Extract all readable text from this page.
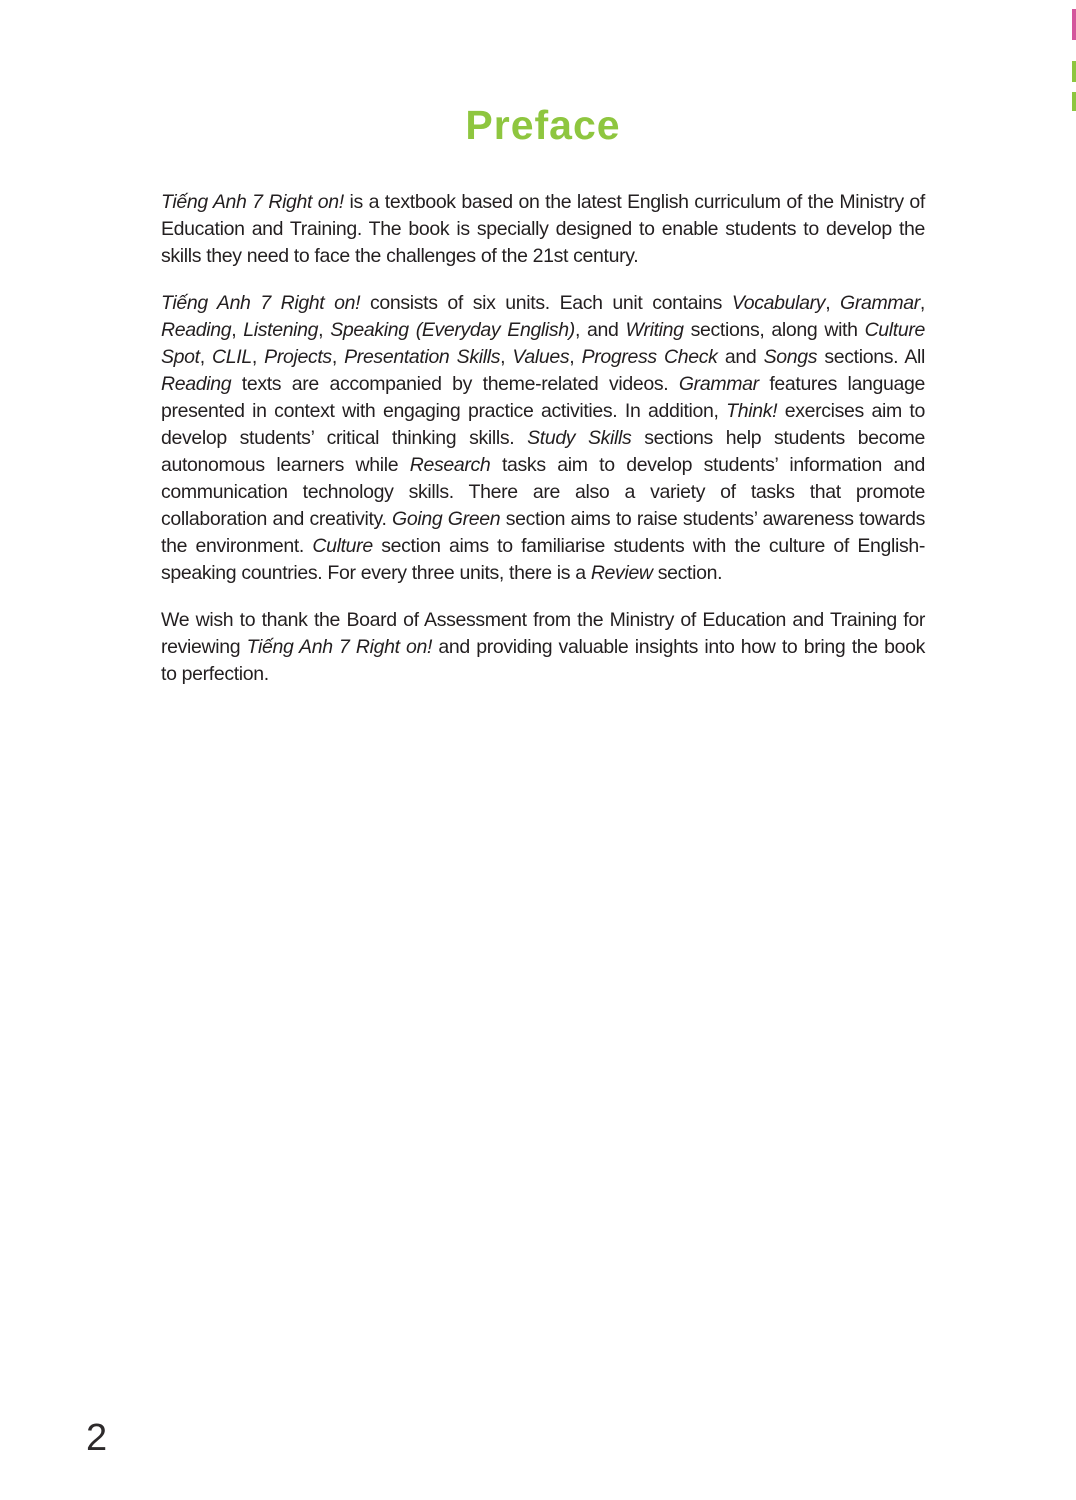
Preface

Tiếng Anh 7 Right on! is a textbook based on the latest English curriculum of the Ministry of Education and Training. The book is specially designed to enable students to develop the skills they need to face the challenges of the 21st century.

Tiếng Anh 7 Right on! consists of six units. Each unit contains Vocabulary, Grammar, Reading, Listening, Speaking (Everyday English), and Writing sections, along with Culture Spot, CLIL, Projects, Presentation Skills, Values, Progress Check and Songs sections. All Reading texts are accompanied by theme-related videos. Grammar features language presented in context with engaging practice activities. In addition, Think! exercises aim to develop students’ critical thinking skills. Study Skills sections help students become autonomous learners while Research tasks aim to develop students’ information and communication technology skills. There are also a variety of tasks that promote collaboration and creativity. Going Green section aims to raise students’ awareness towards the environment. Culture section aims to familiarise students with the culture of English-speaking countries. For every three units, there is a Review section.

We wish to thank the Board of Assessment from the Ministry of Education and Training for reviewing Tiếng Anh 7 Right on! and providing valuable insights into how to bring the book to perfection.

2
